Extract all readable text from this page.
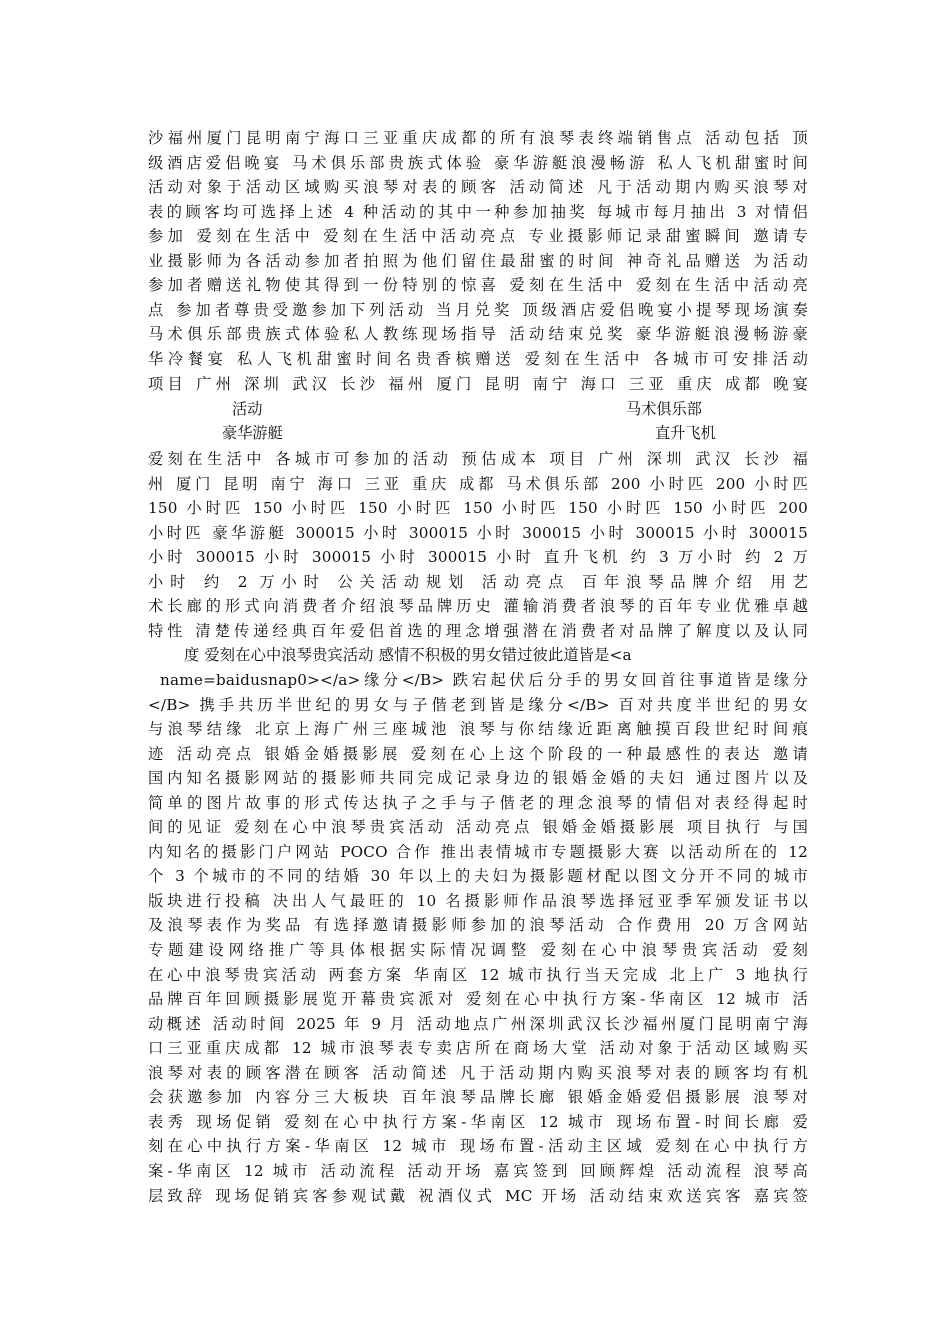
沙福州厦门昆明南宁海口三亚重庆成都的所有浪琴表终端销售点 活动包括 顶
级酒店爱侣晚宴 马术俱乐部贵族式体验 豪华游艇浪漫畅游 私人飞机甜蜜时间
活动对象于活动区域购买浪琴对表的顾客 活动简述 凡于活动期内购买浪琴对
表的顾客均可选择上述 4 种活动的其中一种参加抽奖 每城市每月抽出 3 对情侣
参加 爱刻在生活中 爱刻在生活中活动亮点 专业摄影师记录甜蜜瞬间 邀请专
业摄影师为各活动参加者拍照为他们留住最甜蜜的时间 神奇礼品赠送 为活动
参加者赠送礼物使其得到一份特别的惊喜 爱刻在生活中 爱刻在生活中活动亮
点 参加者尊贵受邀参加下列活动 当月兑奖 顶级酒店爱侣晚宴小提琴现场演奏
马术俱乐部贵族式体验私人教练现场指导 活动结束兑奖 豪华游艇浪漫畅游豪
华冷餐宴 私人飞机甜蜜时间名贵香槟赠送 爱刻在生活中 各城市可安排活动
项目 广州 深圳 武汉 长沙 福州 厦门 昆明 南宁 海口 三亚 重庆 成都 晚宴
活动	马术俱乐部
豪华游艇	直升飞机
爱刻在生活中 各城市可参加的活动 预估成本 项目 广州 深圳 武汉 长沙 福
州 厦门 昆明 南宁 海口 三亚 重庆 成都 马术俱乐部 200 小时匹 200 小时匹
150 小时匹 150 小时匹 150 小时匹 150 小时匹 150 小时匹 150 小时匹 200
小时匹 豪华游艇 300015 小时 300015 小时 300015 小时 300015 小时 300015
小时 300015 小时 300015 小时 300015 小时 直升飞机 约 3 万小时 约 2 万
小时 约 2 万小时 公关活动规划 活动亮点 百年浪琴品牌介绍 用艺
术长廊的形式向消费者介绍浪琴品牌历史 灌输消费者浪琴的百年专业优雅卓越
特性 清楚传递经典百年爱侣首选的理念增强潜在消费者对品牌了解度以及认同
度 爱刻在心中浪琴贵宾活动 感情不积极的男女错过彼此道皆是<a
name=baidusnap0></a>缘分</B> 跌宕起伏后分手的男女回首往事道皆是缘分
</B> 携手共历半世纪的男女与子偕老到皆是缘分</B> 百对共度半世纪的男女
与浪琴结缘 北京上海广州三座城池 浪琴与你结缘近距离触摸百段世纪时间痕
迹 活动亮点 银婚金婚摄影展 爱刻在心上这个阶段的一种最感性的表达 邀请
国内知名摄影网站的摄影师共同完成记录身边的银婚金婚的夫妇 通过图片以及
简单的图片故事的形式传达执子之手与子偕老的理念浪琴的情侣对表经得起时
间的见证 爱刻在心中浪琴贵宾活动 活动亮点 银婚金婚摄影展 项目执行 与国
内知名的摄影门户网站 POCO 合作 推出表情城市专题摄影大赛 以活动所在的 12
个 3 个城市的不同的结婚 30 年以上的夫妇为摄影题材配以图文分开不同的城市
版块进行投稿 决出人气最旺的 10 名摄影师作品浪琴选择冠亚季军颁发证书以
及浪琴表作为奖品 有选择邀请摄影师参加的浪琴活动 合作费用 20 万含网站
专题建设网络推广等具体根据实际情况调整 爱刻在心中浪琴贵宾活动 爱刻
在心中浪琴贵宾活动 两套方案 华南区 12 城市执行当天完成 北上广 3 地执行
品牌百年回顾摄影展览开幕贵宾派对 爱刻在心中执行方案-华南区 12 城市 活
动概述 活动时间 2025 年 9 月 活动地点广州深圳武汉长沙福州厦门昆明南宁海
口三亚重庆成都 12 城市浪琴表专卖店所在商场大堂 活动对象于活动区域购买
浪琴对表的顾客潜在顾客 活动简述 凡于活动期内购买浪琴对表的顾客均有机
会获邀参加 内容分三大板块 百年浪琴品牌长廊 银婚金婚爱侣摄影展 浪琴对
表秀 现场促销 爱刻在心中执行方案-华南区 12 城市 现场布置-时间长廊 爱
刻在心中执行方案-华南区 12 城市 现场布置-活动主区域 爱刻在心中执行方
案-华南区 12 城市 活动流程 活动开场 嘉宾签到 回顾辉煌 活动流程 浪琴高
层致辞 现场促销宾客参观试戴 祝酒仪式 MC 开场 活动结束欢送宾客 嘉宾签
